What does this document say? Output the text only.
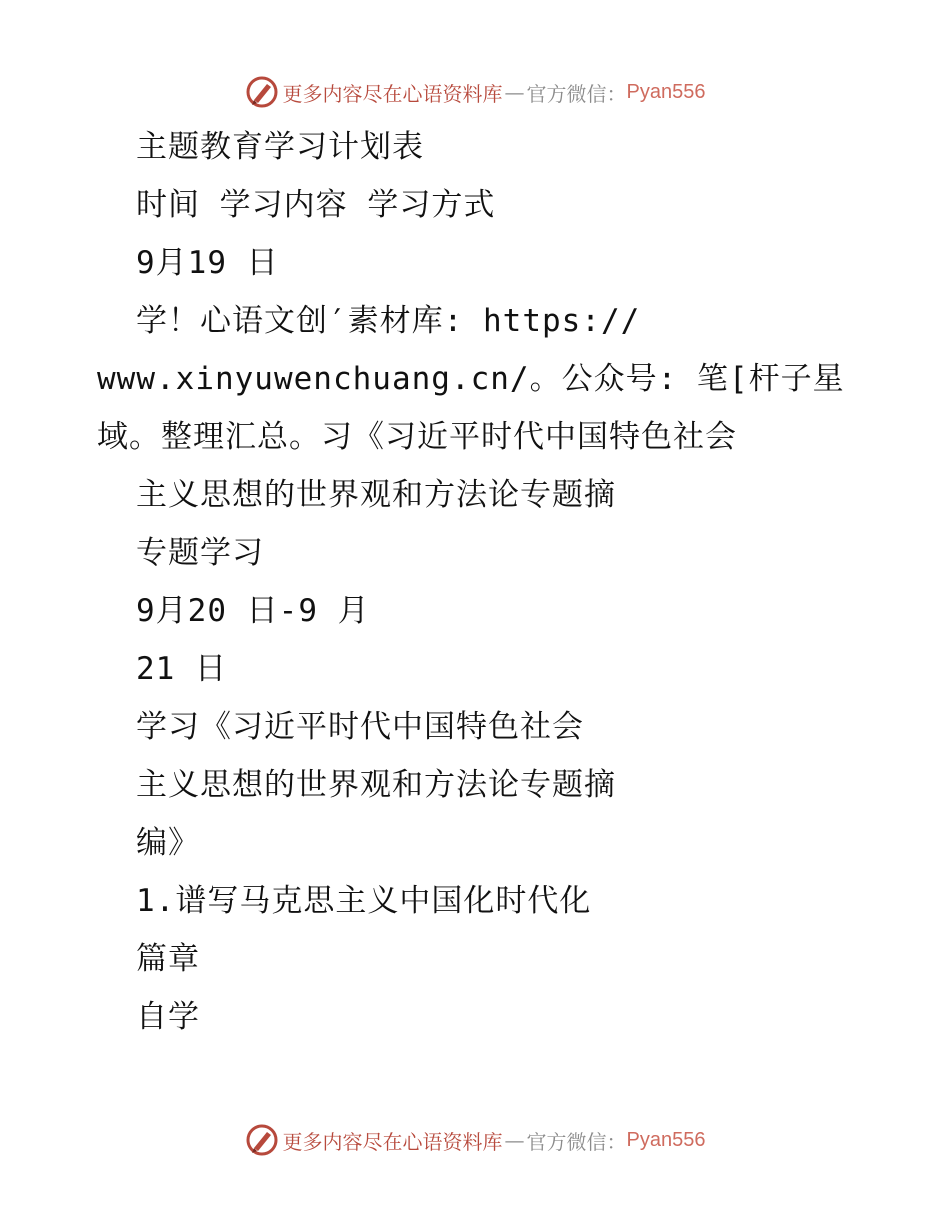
更多内容尽在心语资料库 — 官方微信： Pyan556
主题教育学习计划表
时间 学习内容 学习方式
9月19 日
学！心语文创′素材库: https://
www.xinyuwenchuang.cn/。公众号: 笔[杆子星
域。整理汇总。习《习近平时代中国特色社会
主义思想的世界观和方法论专题摘
专题学习
9月20 日-9 月
21 日
学习《习近平时代中国特色社会
主义思想的世界观和方法论专题摘
编》
1.谱写马克思主义中国化时代化
篇章
自学
更多内容尽在心语资料库 — 官方微信： Pyan556
